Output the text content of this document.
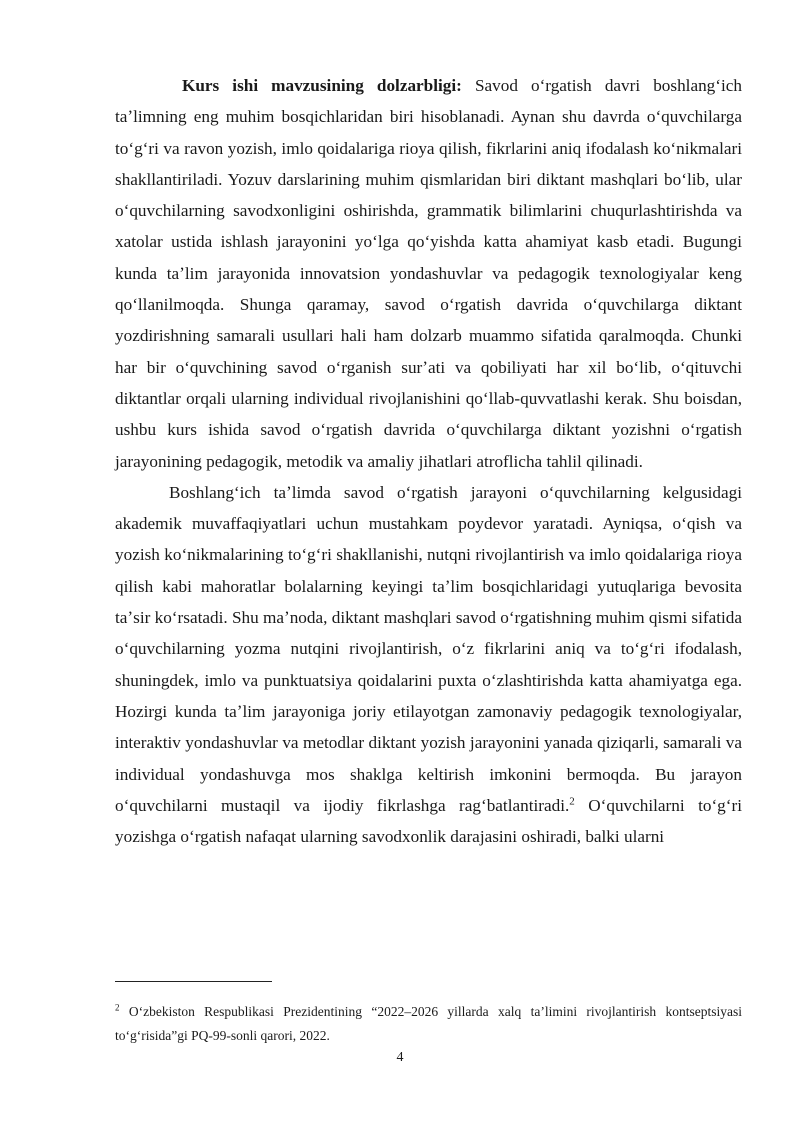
Kurs ishi mavzusining dolzarbligi: Savod oʻrgatish davri boshlangʻich taʼlimning eng muhim bosqichlaridan biri hisoblanadi. Aynan shu davrda oʻquvchilarga toʻgʻri va ravon yozish, imlo qoidalariga rioya qilish, fikrlarini aniq ifodalash koʻnikmalari shakllantiriladi. Yozuv darslarining muhim qismlaridan biri diktant mashqlari boʻlib, ular oʻquvchilarning savodxonligini oshirishda, grammatik bilimlarini chuqurlashtirishda va xatolar ustida ishlash jarayonini yoʻlga qoʻyishda katta ahamiyat kasb etadi. Bugungi kunda taʼlim jarayonida innovatsion yondashuvlar va pedagogik texnologiyalar keng qoʻllanilmoqda. Shunga qaramay, savod oʻrgatish davrida oʻquvchilarga diktant yozdirishning samarali usullari hali ham dolzarb muammo sifatida qaralmoqda. Chunki har bir oʻquvchining savod oʻrganish surʼati va qobiliyati har xil boʻlib, oʻqituvchi diktantlar orqali ularning individual rivojlanishini qoʻllab-quvvatlashi kerak. Shu boisdan, ushbu kurs ishida savod oʻrgatish davrida oʻquvchilarga diktant yozishni oʻrgatish jarayonining pedagogik, metodik va amaliy jihatlari atroflicha tahlil qilinadi.

Boshlangʻich taʼlimda savod oʻrgatish jarayoni oʻquvchilarning kelgusidagi akademik muvaffaqiyatlari uchun mustahkam poydevor yaratadi. Ayniqsa, oʻqish va yozish koʻnikmalarining toʻgʻri shakllanishi, nutqni rivojlantirish va imlo qoidalariga rioya qilish kabi mahoratlar bolalarning keyingi taʼlim bosqichlaridagi yutuqlariga bevosita taʼsir koʻrsatadi. Shu maʼnoda, diktant mashqlari savod oʻrgatishning muhim qismi sifatida oʻquvchilarning yozma nutqini rivojlantirish, oʻz fikrlarini aniq va toʻgʻri ifodalash, shuningdek, imlo va punktuatsiya qoidalarini puxta oʻzlashtirishda katta ahamiyatga ega. Hozirgi kunda taʼlim jarayoniga joriy etilayotgan zamonaviy pedagogik texnologiyalar, interaktiv yondashuvlar va metodlar diktant yozish jarayonini yanada qiziqarli, samarali va individual yondashuvga mos shaklga keltirish imkonini bermoqda. Bu jarayon oʻquvchilarni mustaqil va ijodiy fikrlashga ragʻbatlantiradi.$^2$ Oʻquvchilarni toʻgʻri yozishga oʻrgatish nafaqat ularning savodxonlik darajasini oshiradi, balki ularni

$^2$ Oʻzbekiston Respublikasi Prezidentining “2022–2026 yillarda xalq taʼlimini rivojlantirish kontseptsiyasi toʻgʻrisida”gi PQ-99-sonli qarori, 2022.
4
